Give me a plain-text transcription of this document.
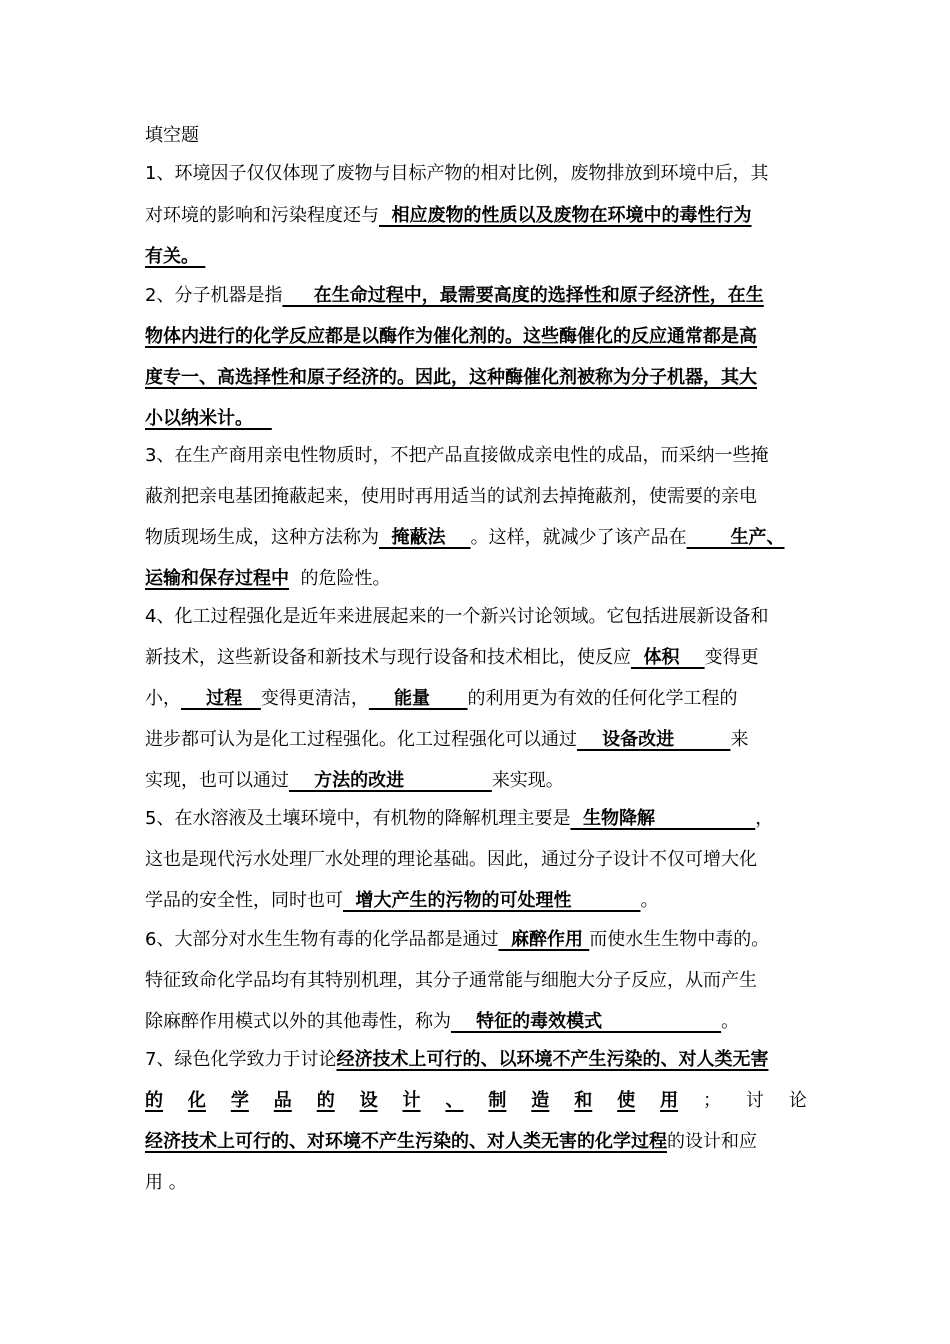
填空题
1、环境因子仅仅体现了废物与目标产物的相对比例，废物排放到环境中后，其
对环境的影响和污染程度还与  相应废物的性质以及废物在环境中的毒性行为
有关。
2、分子机器是指     在生命过程中，最需要高度的选择性和原子经济性，在生
物体内进行的化学反应都是以酶作为催化剂的。这些酶催化的反应通常都是高
度专一、高选择性和原子经济的。因此，这种酶催化剂被称为分子机器，其大
小以纳米计。
3、在生产商用亲电性物质时，不把产品直接做成亲电性的成品，而采纳一些掩
蔽剂把亲电基团掩蔽起来，使用时再用适当的试剂去掉掩蔽剂，使需要的亲电
物质现场生成，这种方法称为  掩蔽法    。这样，就减少了该产品在       生产、
运输和保存过程中  的危险性。
4、化工过程强化是近年来进展起来的一个新兴讨论领域。它包括进展新设备和
新技术，这些新设备和新技术与现行设备和技术相比，使反应  体积    变得更
小，    过程   变得更清洁，    能量      的利用更为有效的任何化学工程的
进步都可认为是化工过程强化。化工过程强化可以通过    设备改进         来
实现，也可以通过    方法的改进              来实现。
5、在水溶液及土壤环境中，有机物的降解机理主要是  生物降解                ，
这也是现代污水处理厂水处理的理论基础。因此，通过分子设计不仅可增大化
学品的安全性，同时也可  增大产生的污物的可处理性           。
6、大部分对水生生物有毒的化学品都是通过  麻醉作用 而使水生生物中毒的。
特征致命化学品均有其特别机理，其分子通常能与细胞大分子反应，从而产生
除麻醉作用模式以外的其他毒性，称为    特征的毒效模式                   。
7、绿色化学致力于讨论经济技术上可行的、以环境不产生污染的、对人类无害
的 化 学 品 的 设 计 、 制 造 和 使 用 ； 讨 论
经济技术上可行的、对环境不产生污染的、对人类无害的化学过程的设计和应
用 。
